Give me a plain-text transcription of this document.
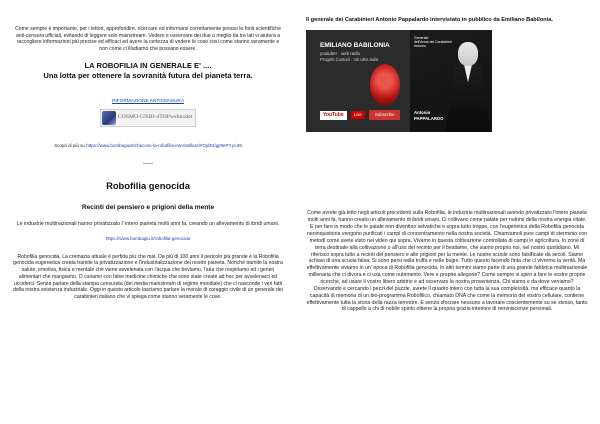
Come sempre è importante, per i lettori, approfondire, ricercare ed informarsi correttamente presso le fonti scientifiche anti-censura ufficiali, evitando di leggere solo mainstream. Vedere e osservare dei due o meglio da tre lati vi aiuterà a raccogliere informazioni più precise ed efficaci ed avere la certezza di vedere le cose così come stanno veramente e non come ci illudiamo che possano essere.
LA ROBOFILIA IN GENERALE E' ....
Una lotta per ottenere la sovranità futura del pianeta terra.
INFORMAZIONE ANTICENSURA
COSMO-GNDI-4TOPwebnodet
Scopri di più su https://www.bombagiust/checose-la-robofilia-interstellare/#Ojd63/gj9tePY.pi.99
Robofilia genocida
Recinti del pensiero e prigioni della mente
Le industrie multinazionali hanno privatizzato l' intero pianeta molti anni fa, creando un allevamento di ibridi umani.
https://www.bombagiu.it/robofilia-genocida
Robofilia genocida. La cremazia attuale è perfida più che mai. Da più di 100 anni il pericolo più grande è la Robofilia genocida eugenetica creata tramite la privatizzazione e l'industrializzazione del nostro pianeta. Nonché tramite la nostra salute, emotiva, fisica e mentale che viene avvelenata con l'acqua che beviamo, l'aria che respiriamo ed i generi alimentari che mangiamo. O curiamo con false medicine chimiche che sono state create ad hoc per avvelenarci ed ucciderci. Senza parlare della stampa censurata (dei media mainstream di regime mondiale) che ci nasconde i veri fatti della nostra esistenza industriale. Oggi in questo articolo lasciamo parlare la morale di coraggio civile di un generale dei carabinieri italiano che vi spiega come stanno veramente le cose.
Il generale dei Carabinieri Antonio Pappalardo intervistato in pubblico da Emiliano Babilonia.
EMILIANO BABILONIA
youtuber · web radio
Progetti Custodi · mk ultra italia
YouTube	Live	Subscribe
Generale
dell'Arma dei Carabinieri
Antonio
Antonio
PAPPALARDO
Come avrete già letto negli articoli precedenti sulla Robofilia, le industrie multinazionali avendo privatizzato l'intero pianeta molti anni fa, hanno creato un allevamento di ibridi umani. Ci coltivano come patate per nutrirsi della nostra energia vitale. E per fare in modo che le patate non diventino selvatiche e sopra tutto troppe, con l'eugenetica della Robofilia genocida neoinquisitoria vengono purificati i campi di concentramento nella nostra società. Chiamiamoli pure campi di sterminio con metodi come avete visto nel video qui sopra. Vivamo in questa coltivazione controllata di campi in agricoltura. In zone di terra destinate alla coltivazione o all'uso del recinto per il bestiame, che siamo proprio noi, nel nostro quotidiano. Mi riferisco sopra tutto a recinti del pensiero e alle prigioni per la mente. Le nostre scuole sono falsificate da secoli. Siamo schiavi di una scuola falsa. Si sono persi nella truffa e nelle bugie. Tutto questo facendo finta che ci vivremo la verità. Ma effettivamente viviamo in un' epoca di Robofilia genocida. In altri termini siamo parte di una grande fabbrica multinazionale millenaria che ci divora e ci usa come nutrimento. Vere e proprie allegorie? Come sempre vi spiro a fare le vostre proprie ricerche, ad usare il vostro libero arbitrio e ad osservare la nostra provenienza. Chi siamo e da dove veniamo? Osservando e cercando i pezzi del puzzle, avrete il quadro intero con tutta la sua complessità, ma efficace quanto la capacità di memoria di un bio-programma Robofilico, chiamato DNA che come la memoria del vostro cellulare, contiene effettivamente tutta la storia della razza terrestre. E senza sforzare nessuno a lavorare coscientemente su se stesso, tanto di cappello a chi di nobile spirito ottiene la propria grazia interiore di reminiscenze personali.
